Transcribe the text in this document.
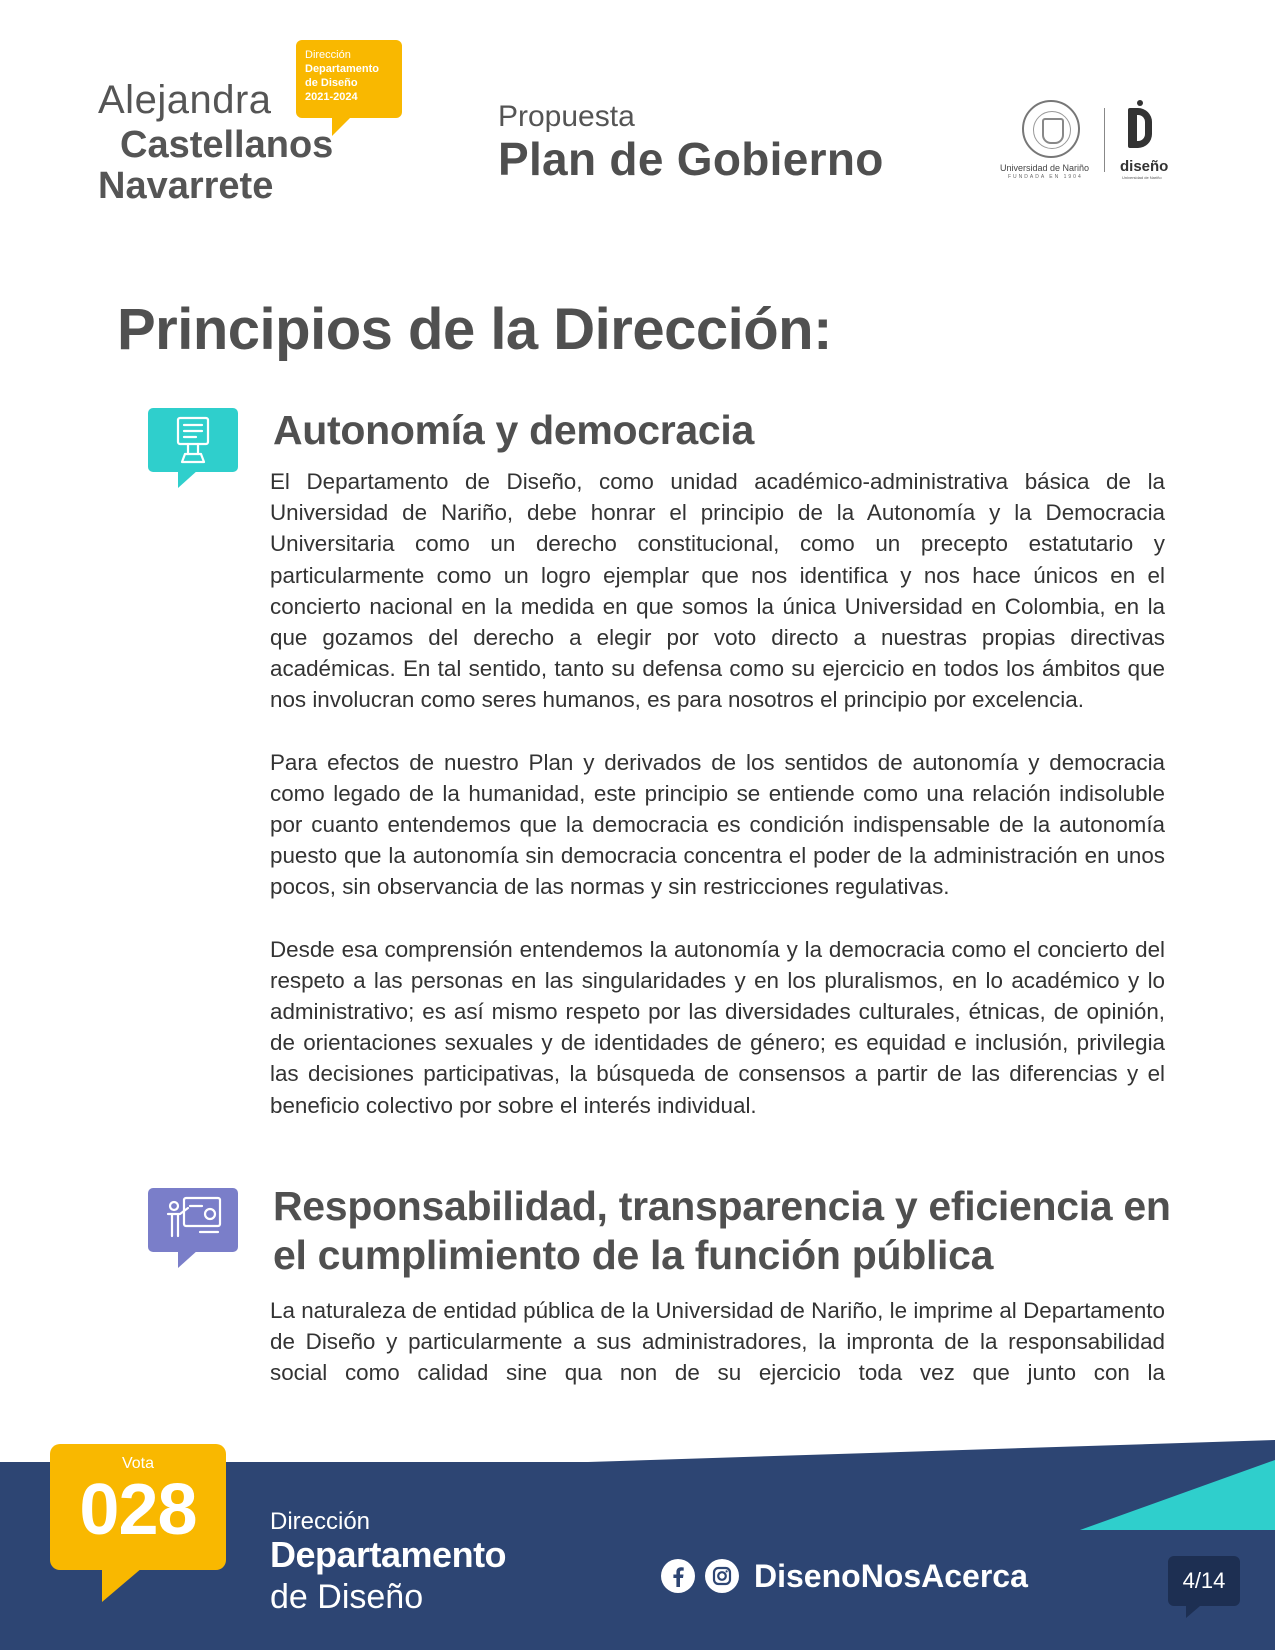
Alejandra
Castellanos
Navarrete
Dirección
Departamento
de Diseño
2021-2024
Propuesta
Plan de Gobierno	Universidad de Nariño
FUNDADA EN 1904
diseño
Universidad de Nariño
Principios de la Dirección:
Autonomía y democracia

El Departamento de Diseño, como unidad académico-administrativa básica de la Universidad de Nariño, debe honrar el principio de la Autonomía y la Democracia Universitaria como un derecho constitucional, como un precepto estatutario y particularmente como un logro ejemplar que nos identifica y nos hace únicos en el concierto nacional en la medida en que somos la única Universidad en Colombia, en la que gozamos del derecho a elegir por voto directo a nuestras propias directivas académicas. En tal sentido, tanto su defensa como su ejercicio en todos los ámbitos que nos involucran como seres humanos, es para nosotros el principio por excelencia.

Para efectos de nuestro Plan y derivados de los sentidos de autonomía y democracia como legado de la humanidad, este principio se entiende como una relación indisoluble por cuanto entendemos que la democracia es condición indispensable de la autonomía puesto que la autonomía sin democracia concentra el poder de la administración en unos pocos, sin observancia de las normas y sin restricciones regulativas.

Desde esa comprensión entendemos la autonomía y la democracia como el concierto del respeto a las personas en las singularidades y en los pluralismos, en lo académico y lo administrativo; es así mismo respeto por las diversidades culturales, étnicas, de opinión, de orientaciones sexuales y de identidades de género; es equidad e inclusión, privilegia las decisiones participativas, la búsqueda de consensos a partir de las diferencias y el beneficio colectivo por sobre el interés individual.

Responsabilidad, transparencia y eficiencia en el cumplimiento de la función pública

La naturaleza de entidad pública de la Universidad de Nariño, le imprime al Departamento de Diseño y particularmente a sus administradores, la impronta de la responsabilidad social como calidad sine qua non de su ejercicio toda vez que junto con la

Vota
028	Dirección
Departamento
de Diseño
DisenoNosAcerca	4/14
